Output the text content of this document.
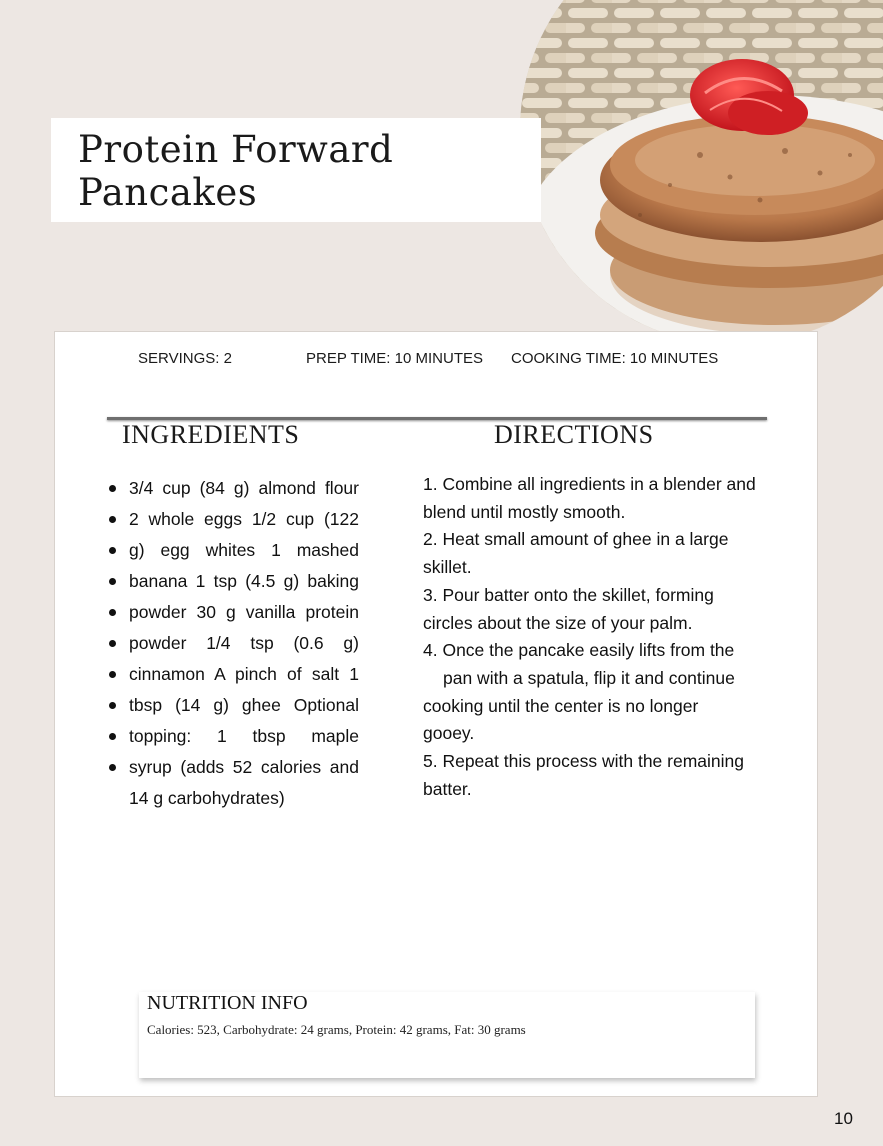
Protein Forward
Pancakes
SERVINGS: 2	PREP TIME: 10 MINUTES COOKING TIME: 10 MINUTES
INGREDIENTS	DIRECTIONS
3/4 cup (84 g) almond flour
2 whole eggs 1/2 cup (122
g) egg whites 1 mashed
banana 1 tsp (4.5 g) baking
powder 30 g vanilla protein
powder 1/4 tsp (0.6 g)
cinnamon A pinch of salt 1
tbsp (14 g) ghee Optional
topping: 1 tbsp maple
syrup (adds 52 calories and
14 g carbohydrates)

1. Combine all ingredients in a blender and

blend until mostly smooth.

2. Heat small amount of ghee in a large

skillet.

3. Pour batter onto the skillet, forming

circles about the size of your palm.

4. Once the pancake easily lifts from the

pan with a spatula, flip it and continue

cooking until the center is no longer

gooey.

5. Repeat this process with the remaining

batter.

NUTRITION INFO

Calories: 523, Carbohydrate: 24 grams, Protein: 42 grams, Fat: 30 grams

10
